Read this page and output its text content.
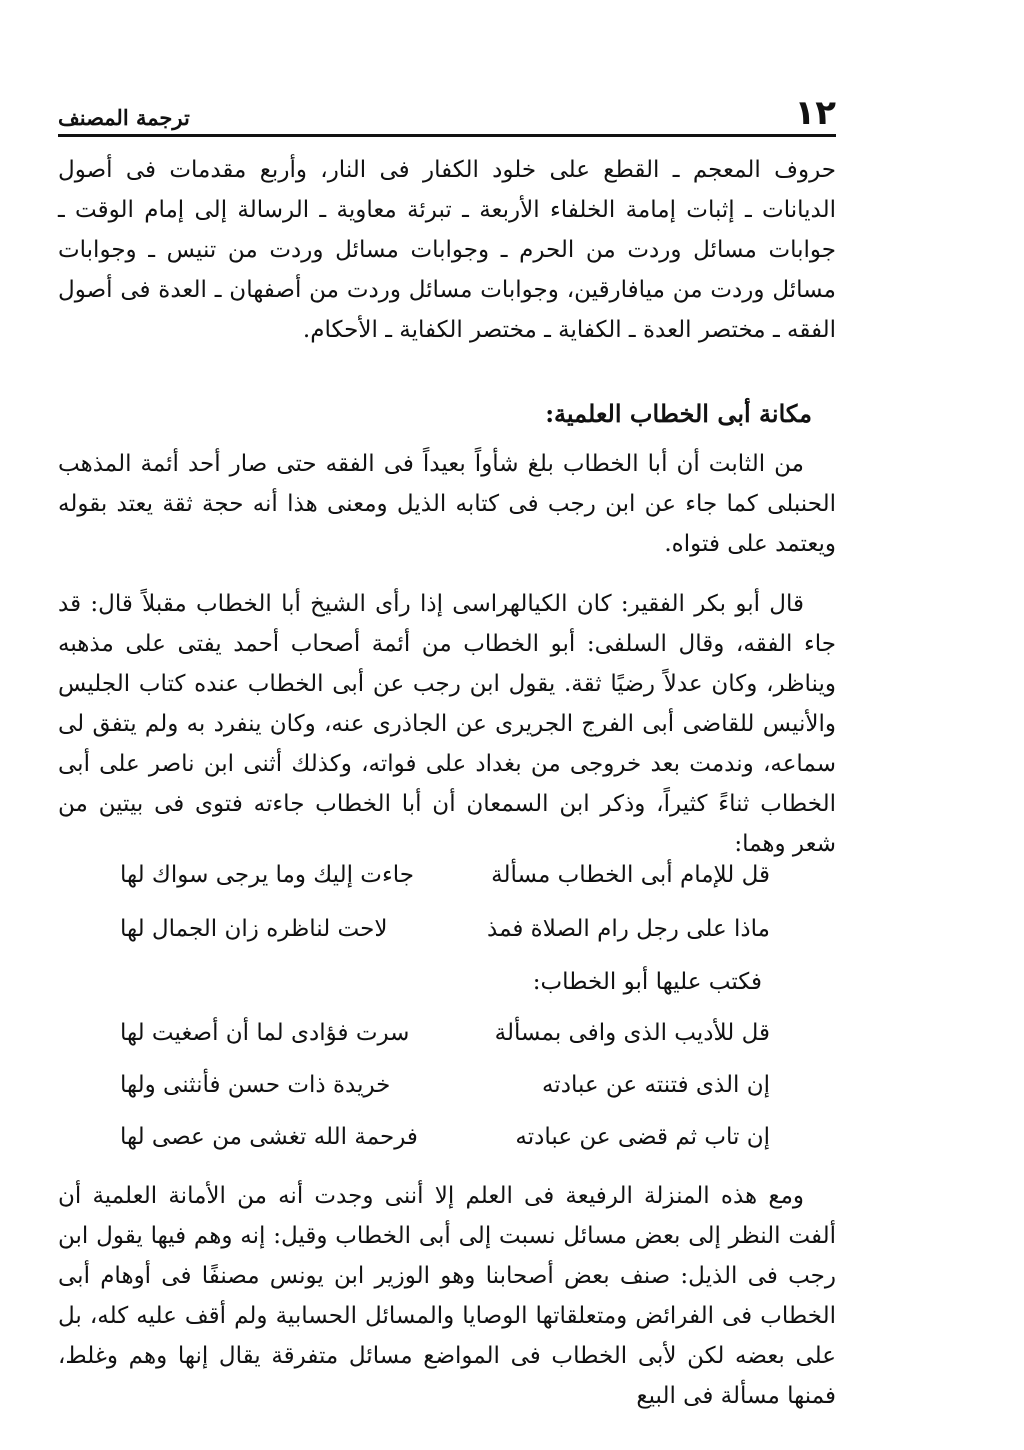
١٢
ترجمة المصنف

حروف المعجم ـ القطع على خلود الكفار فى النار، وأربع مقدمات فى أصول الديانات ـ إثبات إمامة الخلفاء الأربعة ـ تبرئة معاوية ـ الرسالة إلى إمام الوقت ـ جوابات مسائل وردت من الحرم ـ وجوابات مسائل وردت من تنيس ـ وجوابات مسائل وردت من ميافارقين، وجوابات مسائل وردت من أصفهان ـ العدة فى أصول الفقه ـ مختصر العدة ـ الكفاية ـ مختصر الكفاية ـ الأحكام.

مكانة أبى الخطاب العلمية:

من الثابت أن أبا الخطاب بلغ شأواً بعيداً فى الفقه حتى صار أحد أئمة المذهب الحنبلى كما جاء عن ابن رجب فى كتابه الذيل ومعنى هذا أنه حجة ثقة يعتد بقوله ويعتمد على فتواه.

قال أبو بكر الفقير: كان الكيالهراسى إذا رأى الشيخ أبا الخطاب مقبلاً قال: قد جاء الفقه، وقال السلفى: أبو الخطاب من أئمة أصحاب أحمد يفتى على مذهبه ويناظر، وكان عدلاً رضيًا ثقة. يقول ابن رجب عن أبى الخطاب عنده كتاب الجليس والأنيس للقاضى أبى الفرج الجريرى عن الجاذرى عنه، وكان ينفرد به ولم يتفق لى سماعه، وندمت بعد خروجى من بغداد على فواته، وكذلك أثنى ابن ناصر على أبى الخطاب ثناءً كثيراً، وذكر ابن السمعان أن أبا الخطاب جاءته فتوى فى بيتين من شعر وهما:

قل للإمام أبى الخطاب مسألة
جاءت إليك وما يرجى سواك لها
ماذا على رجل رام الصلاة فمذ
لاحت لناظره زان الجمال لها

فكتب عليها أبو الخطاب:

قل للأديب الذى وافى بمسألة
سرت فؤادى لما أن أصغيت لها
إن الذى فتنته عن عبادته
خريدة ذات حسن فأنثنى ولها
إن تاب ثم قضى عن عبادته
فرحمة الله تغشى من عصى لها

ومع هذه المنزلة الرفيعة فى العلم إلا أننى وجدت أنه من الأمانة العلمية أن ألفت النظر إلى بعض مسائل نسبت إلى أبى الخطاب وقيل: إنه وهم فيها يقول ابن رجب فى الذيل: صنف بعض أصحابنا وهو الوزير ابن يونس مصنفًا فى أوهام أبى الخطاب فى الفرائض ومتعلقاتها الوصايا والمسائل الحسابية ولم أقف عليه كله، بل على بعضه لكن لأبى الخطاب فى المواضع مسائل متفرقة يقال إنها وهم وغلط، فمنها مسألة فى البيع
